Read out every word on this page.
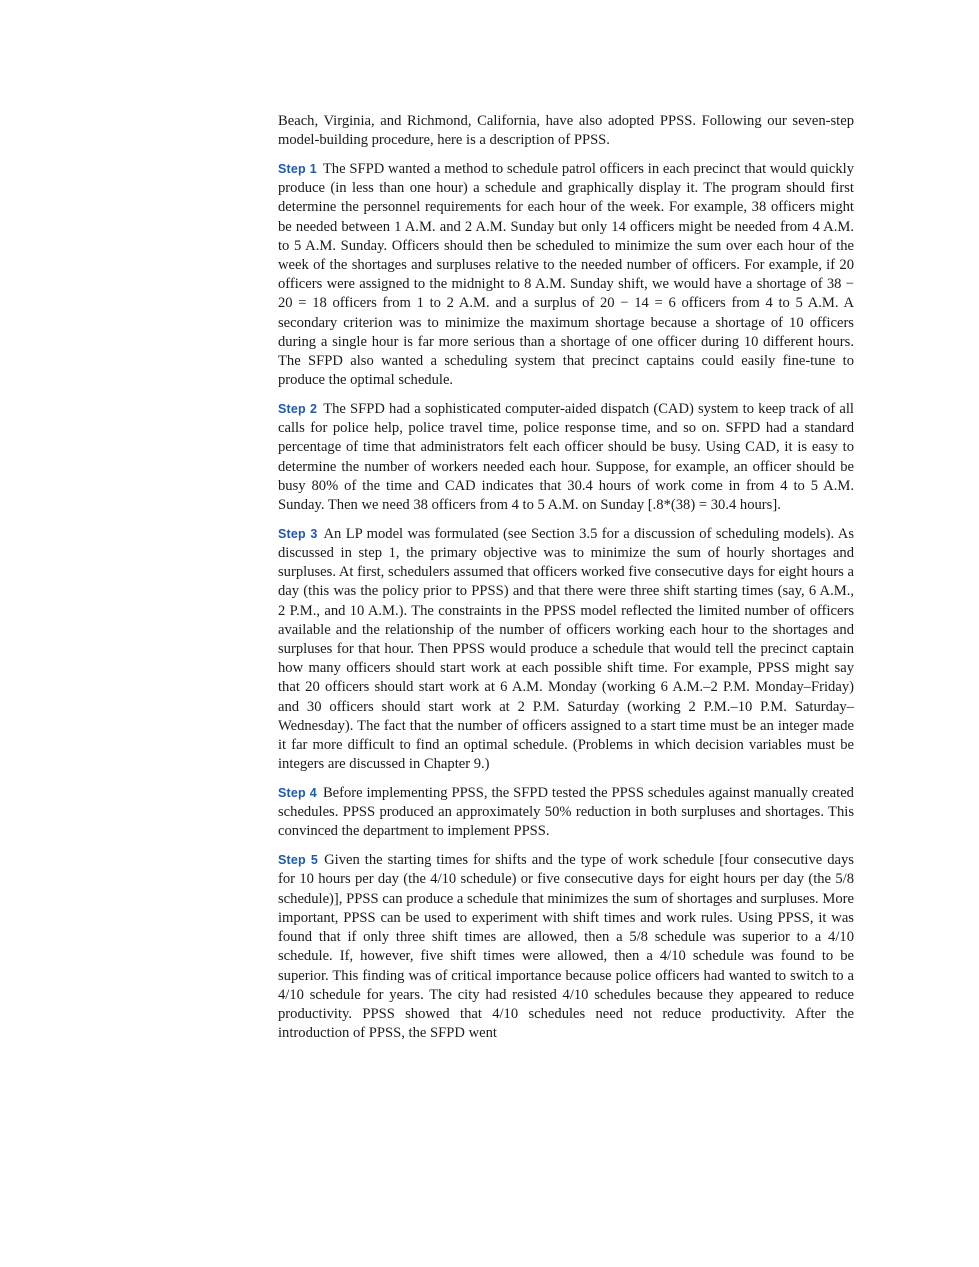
Beach, Virginia, and Richmond, California, have also adopted PPSS. Following our seven-step model-building procedure, here is a description of PPSS.

Step 1 The SFPD wanted a method to schedule patrol officers in each precinct that would quickly produce (in less than one hour) a schedule and graphically display it. The program should first determine the personnel requirements for each hour of the week. For example, 38 officers might be needed between 1 A.M. and 2 A.M. Sunday but only 14 officers might be needed from 4 A.M. to 5 A.M. Sunday. Officers should then be scheduled to minimize the sum over each hour of the week of the shortages and surpluses relative to the needed number of officers. For example, if 20 officers were assigned to the midnight to 8 A.M. Sunday shift, we would have a shortage of 38 − 20 = 18 officers from 1 to 2 A.M. and a surplus of 20 − 14 = 6 officers from 4 to 5 A.M. A secondary criterion was to minimize the maximum shortage because a shortage of 10 officers during a single hour is far more serious than a shortage of one officer during 10 different hours. The SFPD also wanted a scheduling system that precinct captains could easily fine-tune to produce the optimal schedule.

Step 2 The SFPD had a sophisticated computer-aided dispatch (CAD) system to keep track of all calls for police help, police travel time, police response time, and so on. SFPD had a standard percentage of time that administrators felt each officer should be busy. Using CAD, it is easy to determine the number of workers needed each hour. Suppose, for example, an officer should be busy 80% of the time and CAD indicates that 30.4 hours of work come in from 4 to 5 A.M. Sunday. Then we need 38 officers from 4 to 5 A.M. on Sunday [.8*(38) = 30.4 hours].

Step 3 An LP model was formulated (see Section 3.5 for a discussion of scheduling models). As discussed in step 1, the primary objective was to minimize the sum of hourly shortages and surpluses. At first, schedulers assumed that officers worked five consecutive days for eight hours a day (this was the policy prior to PPSS) and that there were three shift starting times (say, 6 A.M., 2 P.M., and 10 A.M.). The constraints in the PPSS model reflected the limited number of officers available and the relationship of the number of officers working each hour to the shortages and surpluses for that hour. Then PPSS would produce a schedule that would tell the precinct captain how many officers should start work at each possible shift time. For example, PPSS might say that 20 officers should start work at 6 A.M. Monday (working 6 A.M.–2 P.M. Monday–Friday) and 30 officers should start work at 2 P.M. Saturday (working 2 P.M.–10 P.M. Saturday–Wednesday). The fact that the number of officers assigned to a start time must be an integer made it far more difficult to find an optimal schedule. (Problems in which decision variables must be integers are discussed in Chapter 9.)

Step 4 Before implementing PPSS, the SFPD tested the PPSS schedules against manually created schedules. PPSS produced an approximately 50% reduction in both surpluses and shortages. This convinced the department to implement PPSS.

Step 5 Given the starting times for shifts and the type of work schedule [four consecutive days for 10 hours per day (the 4/10 schedule) or five consecutive days for eight hours per day (the 5/8 schedule)], PPSS can produce a schedule that minimizes the sum of shortages and surpluses. More important, PPSS can be used to experiment with shift times and work rules. Using PPSS, it was found that if only three shift times are allowed, then a 5/8 schedule was superior to a 4/10 schedule. If, however, five shift times were allowed, then a 4/10 schedule was found to be superior. This finding was of critical importance because police officers had wanted to switch to a 4/10 schedule for years. The city had resisted 4/10 schedules because they appeared to reduce productivity. PPSS showed that 4/10 schedules need not reduce productivity. After the introduction of PPSS, the SFPD went
